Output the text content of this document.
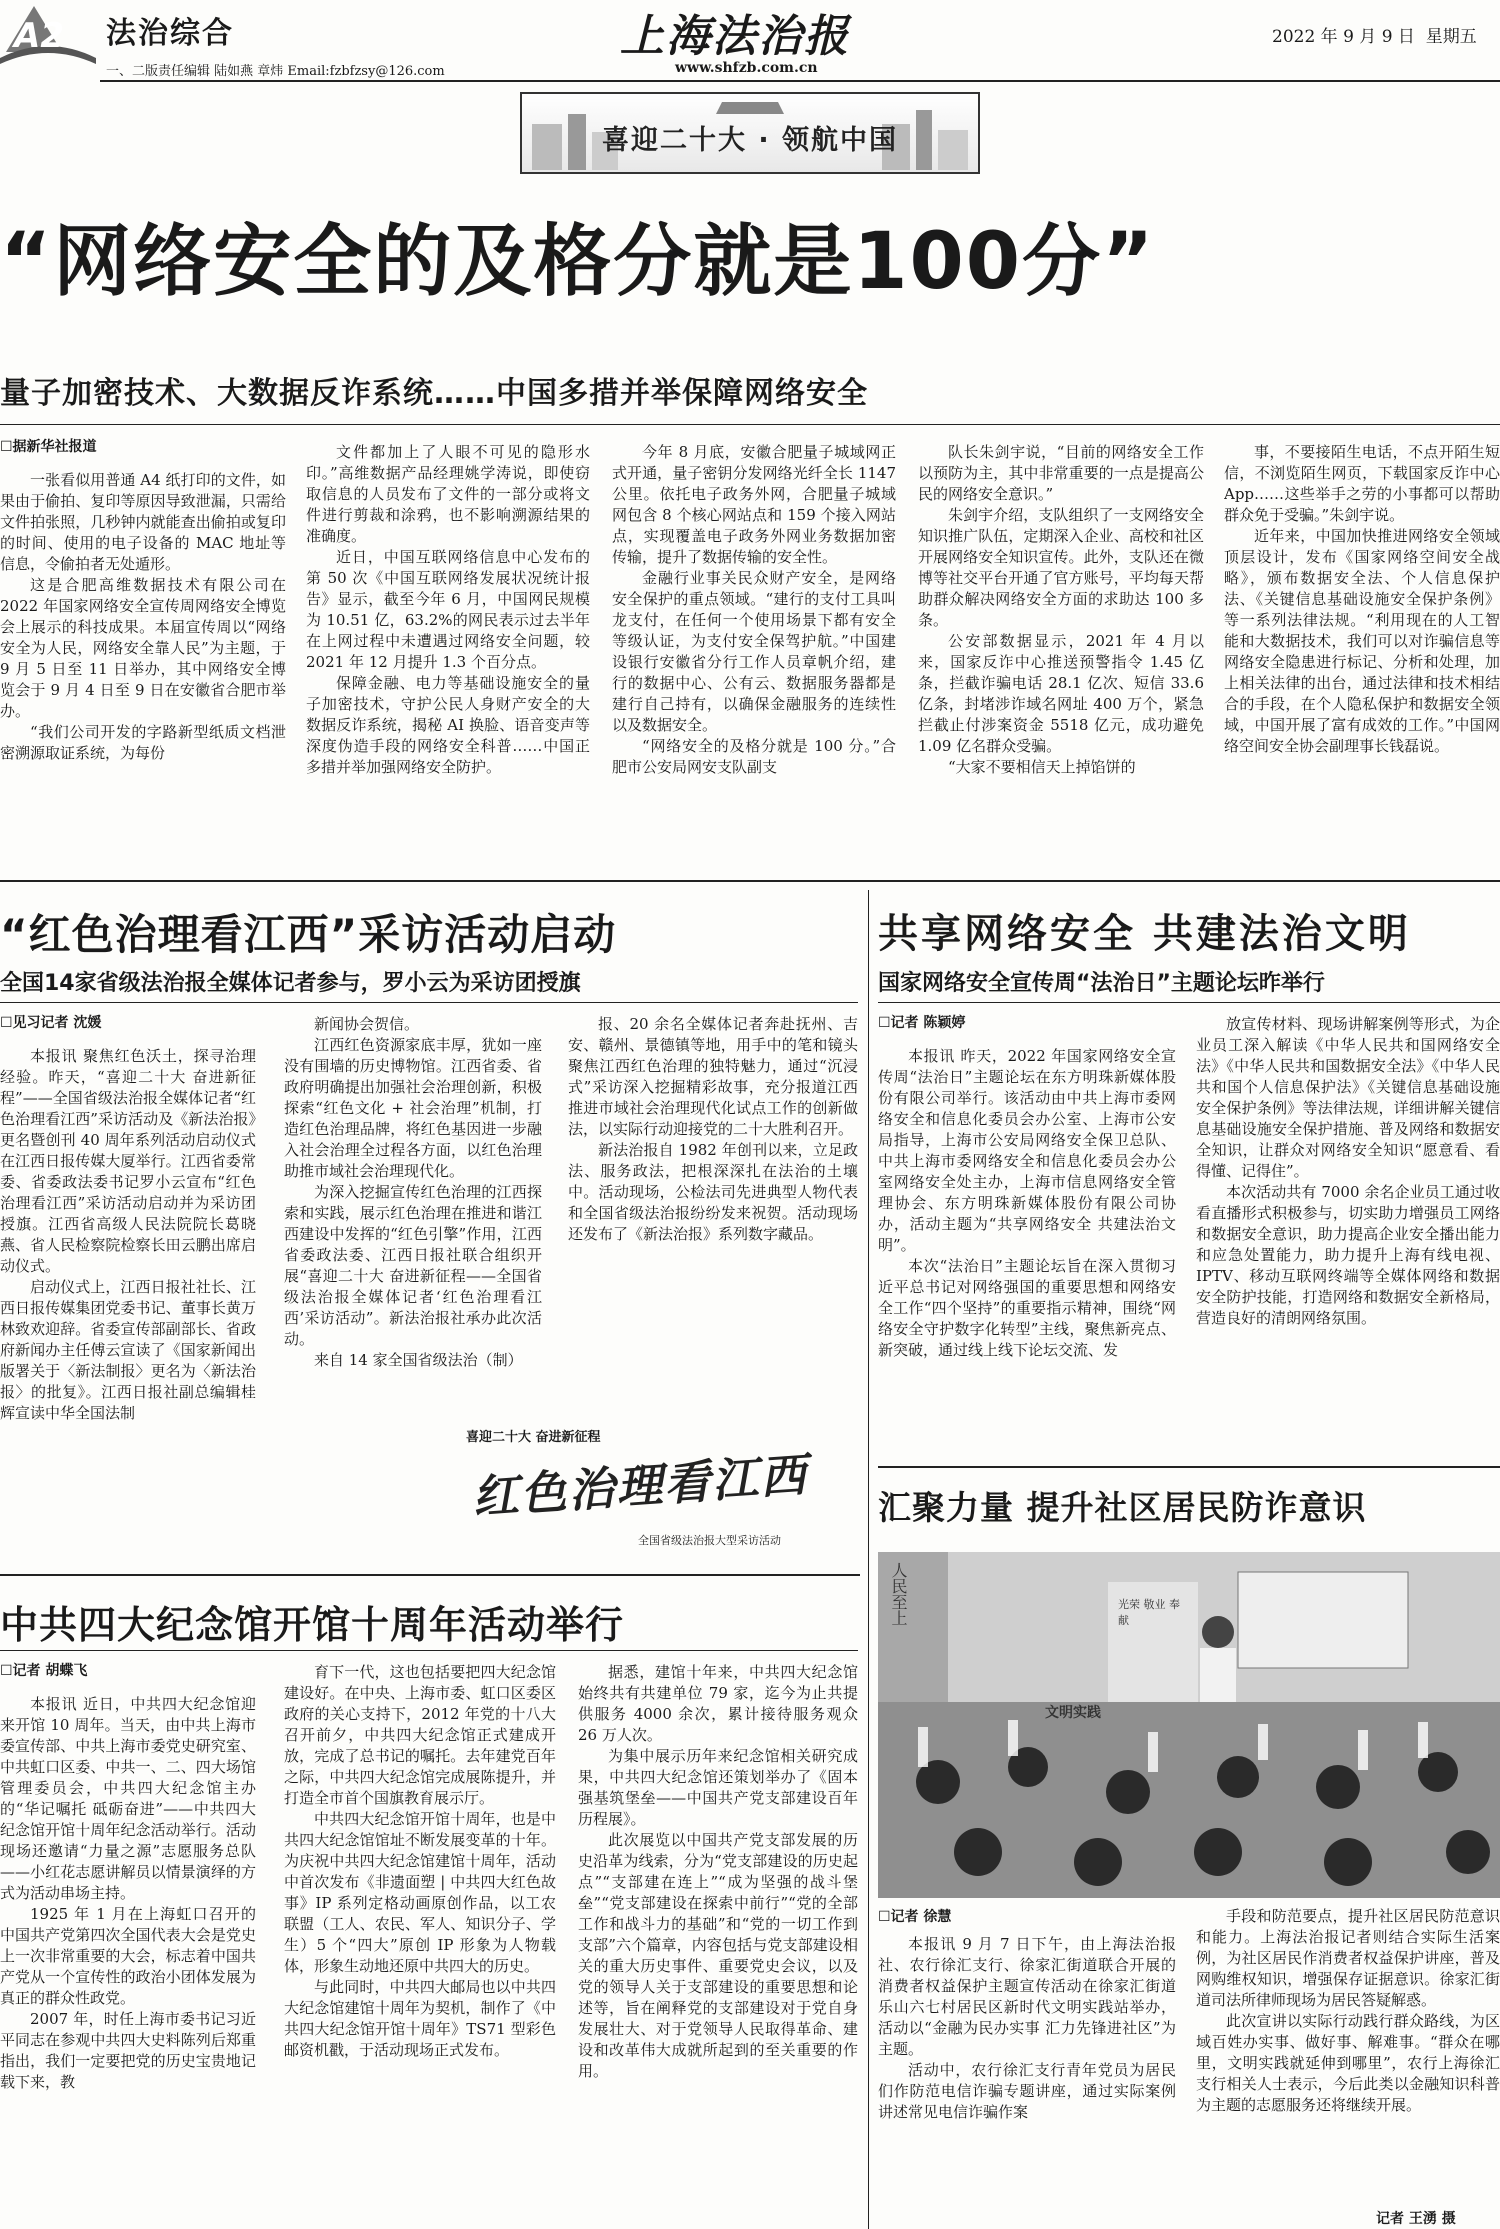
A2 法治综合
一、二版责任编辑 陆如燕 章炜 Email:fzbfzsy@126.com
上海法治报
www.shfzb.com.cn
2022 年 9 月 9 日 星期五
喜迎二十大 · 领航中国
“网络安全的及格分就是100分”
量子加密技术、大数据反诈系统……中国多措并举保障网络安全
☐据新华社报道

一张看似用普通 A4 纸打印的文件，如果由于偷拍、复印等原因导致泄漏，只需给文件拍张照，几秒钟内就能查出偷拍或复印的时间、使用的电子设备的 MAC 地址等信息，令偷拍者无处遁形。

这是合肥高维数据技术有限公司在 2022 年国家网络安全宣传周网络安全博览会上展示的科技成果。本届宣传周以“网络安全为人民，网络安全靠人民”为主题，于 9 月 5 日至 11 日举办，其中网络安全博览会于 9 月 4 日至 9 日在安徽省合肥市举办。

“我们公司开发的字路新型纸质文档泄密溯源取证系统，为每份

文件都加上了人眼不可见的隐形水印。”高维数据产品经理姚学涛说，即使窃取信息的人员发布了文件的一部分或将文件进行剪裁和涂鸦，也不影响溯源结果的准确度。

近日，中国互联网络信息中心发布的第 50 次《中国互联网络发展状况统计报告》显示，截至今年 6 月，中国网民规模为 10.51 亿，63.2%的网民表示过去半年在上网过程中未遭遇过网络安全问题，较 2021 年 12 月提升 1.3 个百分点。

保障金融、电力等基础设施安全的量子加密技术，守护公民人身财产安全的大数据反诈系统，揭秘 AI 换脸、语音变声等深度伪造手段的网络安全科普……中国正多措并举加强网络安全防护。

今年 8 月底，安徽合肥量子城域网正式开通，量子密钥分发网络光纤全长 1147 公里。依托电子政务外网，合肥量子城域网包含 8 个核心网站点和 159 个接入网站点，实现覆盖电子政务外网业务数据加密传输，提升了数据传输的安全性。

金融行业事关民众财产安全，是网络安全保护的重点领域。“建行的支付工具叫龙支付，在任何一个使用场景下都有安全等级认证，为支付安全保驾护航。”中国建设银行安徽省分行工作人员章帆介绍，建行的数据中心、公有云、数据服务器都是建行自己持有，以确保金融服务的连续性以及数据安全。

“网络安全的及格分就是 100 分。”合肥市公安局网安支队副支

队长朱剑宇说，“目前的网络安全工作以预防为主，其中非常重要的一点是提高公民的网络安全意识。”

朱剑宇介绍，支队组织了一支网络安全知识推广队伍，定期深入企业、高校和社区开展网络安全知识宣传。此外，支队还在微博等社交平台开通了官方账号，平均每天帮助群众解决网络安全方面的求助达 100 多条。

公安部数据显示，2021 年 4 月以来，国家反诈中心推送预警指令 1.45 亿条，拦截诈骗电话 28.1 亿次、短信 33.6 亿条，封堵涉诈域名网址 400 万个，紧急拦截止付涉案资金 5518 亿元，成功避免 1.09 亿名群众受骗。

“大家不要相信天上掉馅饼的

事，不要接陌生电话，不点开陌生短信，不浏览陌生网页，下载国家反诈中心 App……这些举手之劳的小事都可以帮助群众免于受骗。”朱剑宇说。

近年来，中国加快推进网络安全领域顶层设计，发布《国家网络空间安全战略》，颁布数据安全法、个人信息保护法、《关键信息基础设施安全保护条例》等一系列法律法规。“利用现在的人工智能和大数据技术，我们可以对诈骗信息等网络安全隐患进行标记、分析和处理，加上相关法律的出台，通过法律和技术相结合的手段，在个人隐私保护和数据安全领域，中国开展了富有成效的工作。”中国网络空间安全协会副理事长钱磊说。

“红色治理看江西”采访活动启动
全国14家省级法治报全媒体记者参与，罗小云为采访团授旗
☐见习记者 沈媛

本报讯 聚焦红色沃土，探寻治理经验。昨天，“喜迎二十大 奋进新征程”——全国省级法治报全媒体记者“红色治理看江西”采访活动及《新法治报》更名暨创刊 40 周年系列活动启动仪式在江西日报传媒大厦举行。江西省委常委、省委政法委书记罗小云宣布“红色治理看江西”采访活动启动并为采访团授旗。江西省高级人民法院院长葛晓燕、省人民检察院检察长田云鹏出席启动仪式。

启动仪式上，江西日报社社长、江西日报传媒集团党委书记、董事长黄万林致欢迎辞。省委宣传部副部长、省政府新闻办主任傅云宣读了《国家新闻出版署关于〈新法制报〉更名为〈新法治报〉的批复》。江西日报社副总编辑桂辉宣读中华全国法制

新闻协会贺信。

江西红色资源家底丰厚，犹如一座没有围墙的历史博物馆。江西省委、省政府明确提出加强社会治理创新，积极探索“红色文化 + 社会治理”机制，打造红色治理品牌，将红色基因进一步融入社会治理全过程各方面，以红色治理助推市域社会治理现代化。

为深入挖掘宣传红色治理的江西探索和实践，展示红色治理在推进和谐江西建设中发挥的“红色引擎”作用，江西省委政法委、江西日报社联合组织开展“喜迎二十大 奋进新征程——全国省级法治报全媒体记者‘红色治理看江西’采访活动”。新法治报社承办此次活动。

来自 14 家全国省级法治（制）

报、20 余名全媒体记者奔赴抚州、吉安、赣州、景德镇等地，用手中的笔和镜头聚焦江西红色治理的独特魅力，通过“沉浸式”采访深入挖掘精彩故事，充分报道江西推进市域社会治理现代化试点工作的创新做法，以实际行动迎接党的二十大胜利召开。

新法治报自 1982 年创刊以来，立足政法、服务政法，把根深深扎在法治的土壤中。活动现场，公检法司先进典型人物代表和全国省级法治报纷纷发来祝贺。活动现场还发布了《新法治报》系列数字藏品。

喜迎二十大 奋进新征程
红色治理看江西
全国省级法治报大型采访活动
共享网络安全 共建法治文明
国家网络安全宣传周“法治日”主题论坛昨举行
☐记者 陈颖婷

本报讯 昨天，2022 年国家网络安全宣传周“法治日”主题论坛在东方明珠新媒体股份有限公司举行。该活动由中共上海市委网络安全和信息化委员会办公室、上海市公安局指导，上海市公安局网络安全保卫总队、中共上海市委网络安全和信息化委员会办公室网络安全处主办，上海市信息网络安全管理协会、东方明珠新媒体股份有限公司协办，活动主题为“共享网络安全 共建法治文明”。

本次“法治日”主题论坛旨在深入贯彻习近平总书记对网络强国的重要思想和网络安全工作“四个坚持”的重要指示精神，围绕“网络安全守护数字化转型”主线，聚焦新亮点、新突破，通过线上线下论坛交流、发

放宣传材料、现场讲解案例等形式，为企业员工深入解读《中华人民共和国网络安全法》《中华人民共和国数据安全法》《中华人民共和国个人信息保护法》《关键信息基础设施安全保护条例》等法律法规，详细讲解关键信息基础设施安全保护措施、普及网络和数据安全知识，让群众对网络安全知识“愿意看、看得懂、记得住”。

本次活动共有 7000 余名企业员工通过收看直播形式积极参与，切实助力增强员工网络和数据安全意识，助力提高企业安全播出能力和应急处置能力，助力提升上海有线电视、IPTV、移动互联网终端等全媒体网络和数据安全防护技能，打造网络和数据安全新格局，营造良好的清朗网络氛围。

汇聚力量 提升社区居民防诈意识
人民至上
文明实践
光荣 敬业 奉献
☐记者 徐慧

本报讯 9 月 7 日下午，由上海法治报社、农行徐汇支行、徐家汇街道联合开展的消费者权益保护主题宣传活动在徐家汇街道乐山六七村居民区新时代文明实践站举办，活动以“金融为民办实事 汇力先锋进社区”为主题。

活动中，农行徐汇支行青年党员为居民们作防范电信诈骗专题讲座，通过实际案例讲述常见电信诈骗作案

手段和防范要点，提升社区居民防范意识和能力。上海法治报记者则结合实际生活案例，为社区居民作消费者权益保护讲座，普及网购维权知识，增强保存证据意识。徐家汇街道司法所律师现场为居民答疑解惑。

此次宣讲以实际行动践行群众路线，为区域百姓办实事、做好事、解难事。“群众在哪里，文明实践就延伸到哪里”，农行上海徐汇支行相关人士表示，今后此类以金融知识科普为主题的志愿服务还将继续开展。

记者 王湧 摄
中共四大纪念馆开馆十周年活动举行
☐记者 胡蝶飞

本报讯 近日，中共四大纪念馆迎来开馆 10 周年。当天，由中共上海市委宣传部、中共上海市委党史研究室、中共虹口区委、中共一、二、四大场馆管理委员会，中共四大纪念馆主办的“华记嘱托 砥砺奋进”——中共四大纪念馆开馆十周年纪念活动举行。活动现场还邀请“力量之源”志愿服务总队——小红花志愿讲解员以情景演绎的方式为活动串场主持。

1925 年 1 月在上海虹口召开的中国共产党第四次全国代表大会是党史上一次非常重要的大会，标志着中国共产党从一个宣传性的政治小团体发展为真正的群众性政党。

2007 年，时任上海市委书记习近平同志在参观中共四大史料陈列后郑重指出，我们一定要把党的历史宝贵地记载下来，教

育下一代，这也包括要把四大纪念馆建设好。在中央、上海市委、虹口区委区政府的关心支持下，2012 年党的十八大召开前夕，中共四大纪念馆正式建成开放，完成了总书记的嘱托。去年建党百年之际，中共四大纪念馆完成展陈提升，并打造全市首个国旗教育展示厅。

中共四大纪念馆开馆十周年，也是中共四大纪念馆馆址不断发展变革的十年。为庆祝中共四大纪念馆建馆十周年，活动中首次发布《非遗面塑 | 中共四大红色故事》IP 系列定格动画原创作品，以工农联盟（工人、农民、军人、知识分子、学生）5 个“四大”原创 IP 形象为人物载体，形象生动地还原中共四大的历史。

与此同时，中共四大邮局也以中共四大纪念馆建馆十周年为契机，制作了《中共四大纪念馆开馆十周年》TS71 型彩色邮资机戳，于活动现场正式发布。

据悉，建馆十年来，中共四大纪念馆始终共有共建单位 79 家，迄今为止共提供服务 4000 余次，累计接待服务观众 26 万人次。

为集中展示历年来纪念馆相关研究成果，中共四大纪念馆还策划举办了《固本强基筑堡垒——中国共产党支部建设百年历程展》。

此次展览以中国共产党支部发展的历史沿革为线索，分为“党支部建设的历史起点”“支部建在连上”“成为坚强的战斗堡垒”“党支部建设在探索中前行”“党的全部工作和战斗力的基础”和“党的一切工作到支部”六个篇章，内容包括与党支部建设相关的重大历史事件、重要党史会议，以及党的领导人关于支部建设的重要思想和论述等，旨在阐释党的支部建设对于党自身发展壮大、对于党领导人民取得革命、建设和改革伟大成就所起到的至关重要的作用。
